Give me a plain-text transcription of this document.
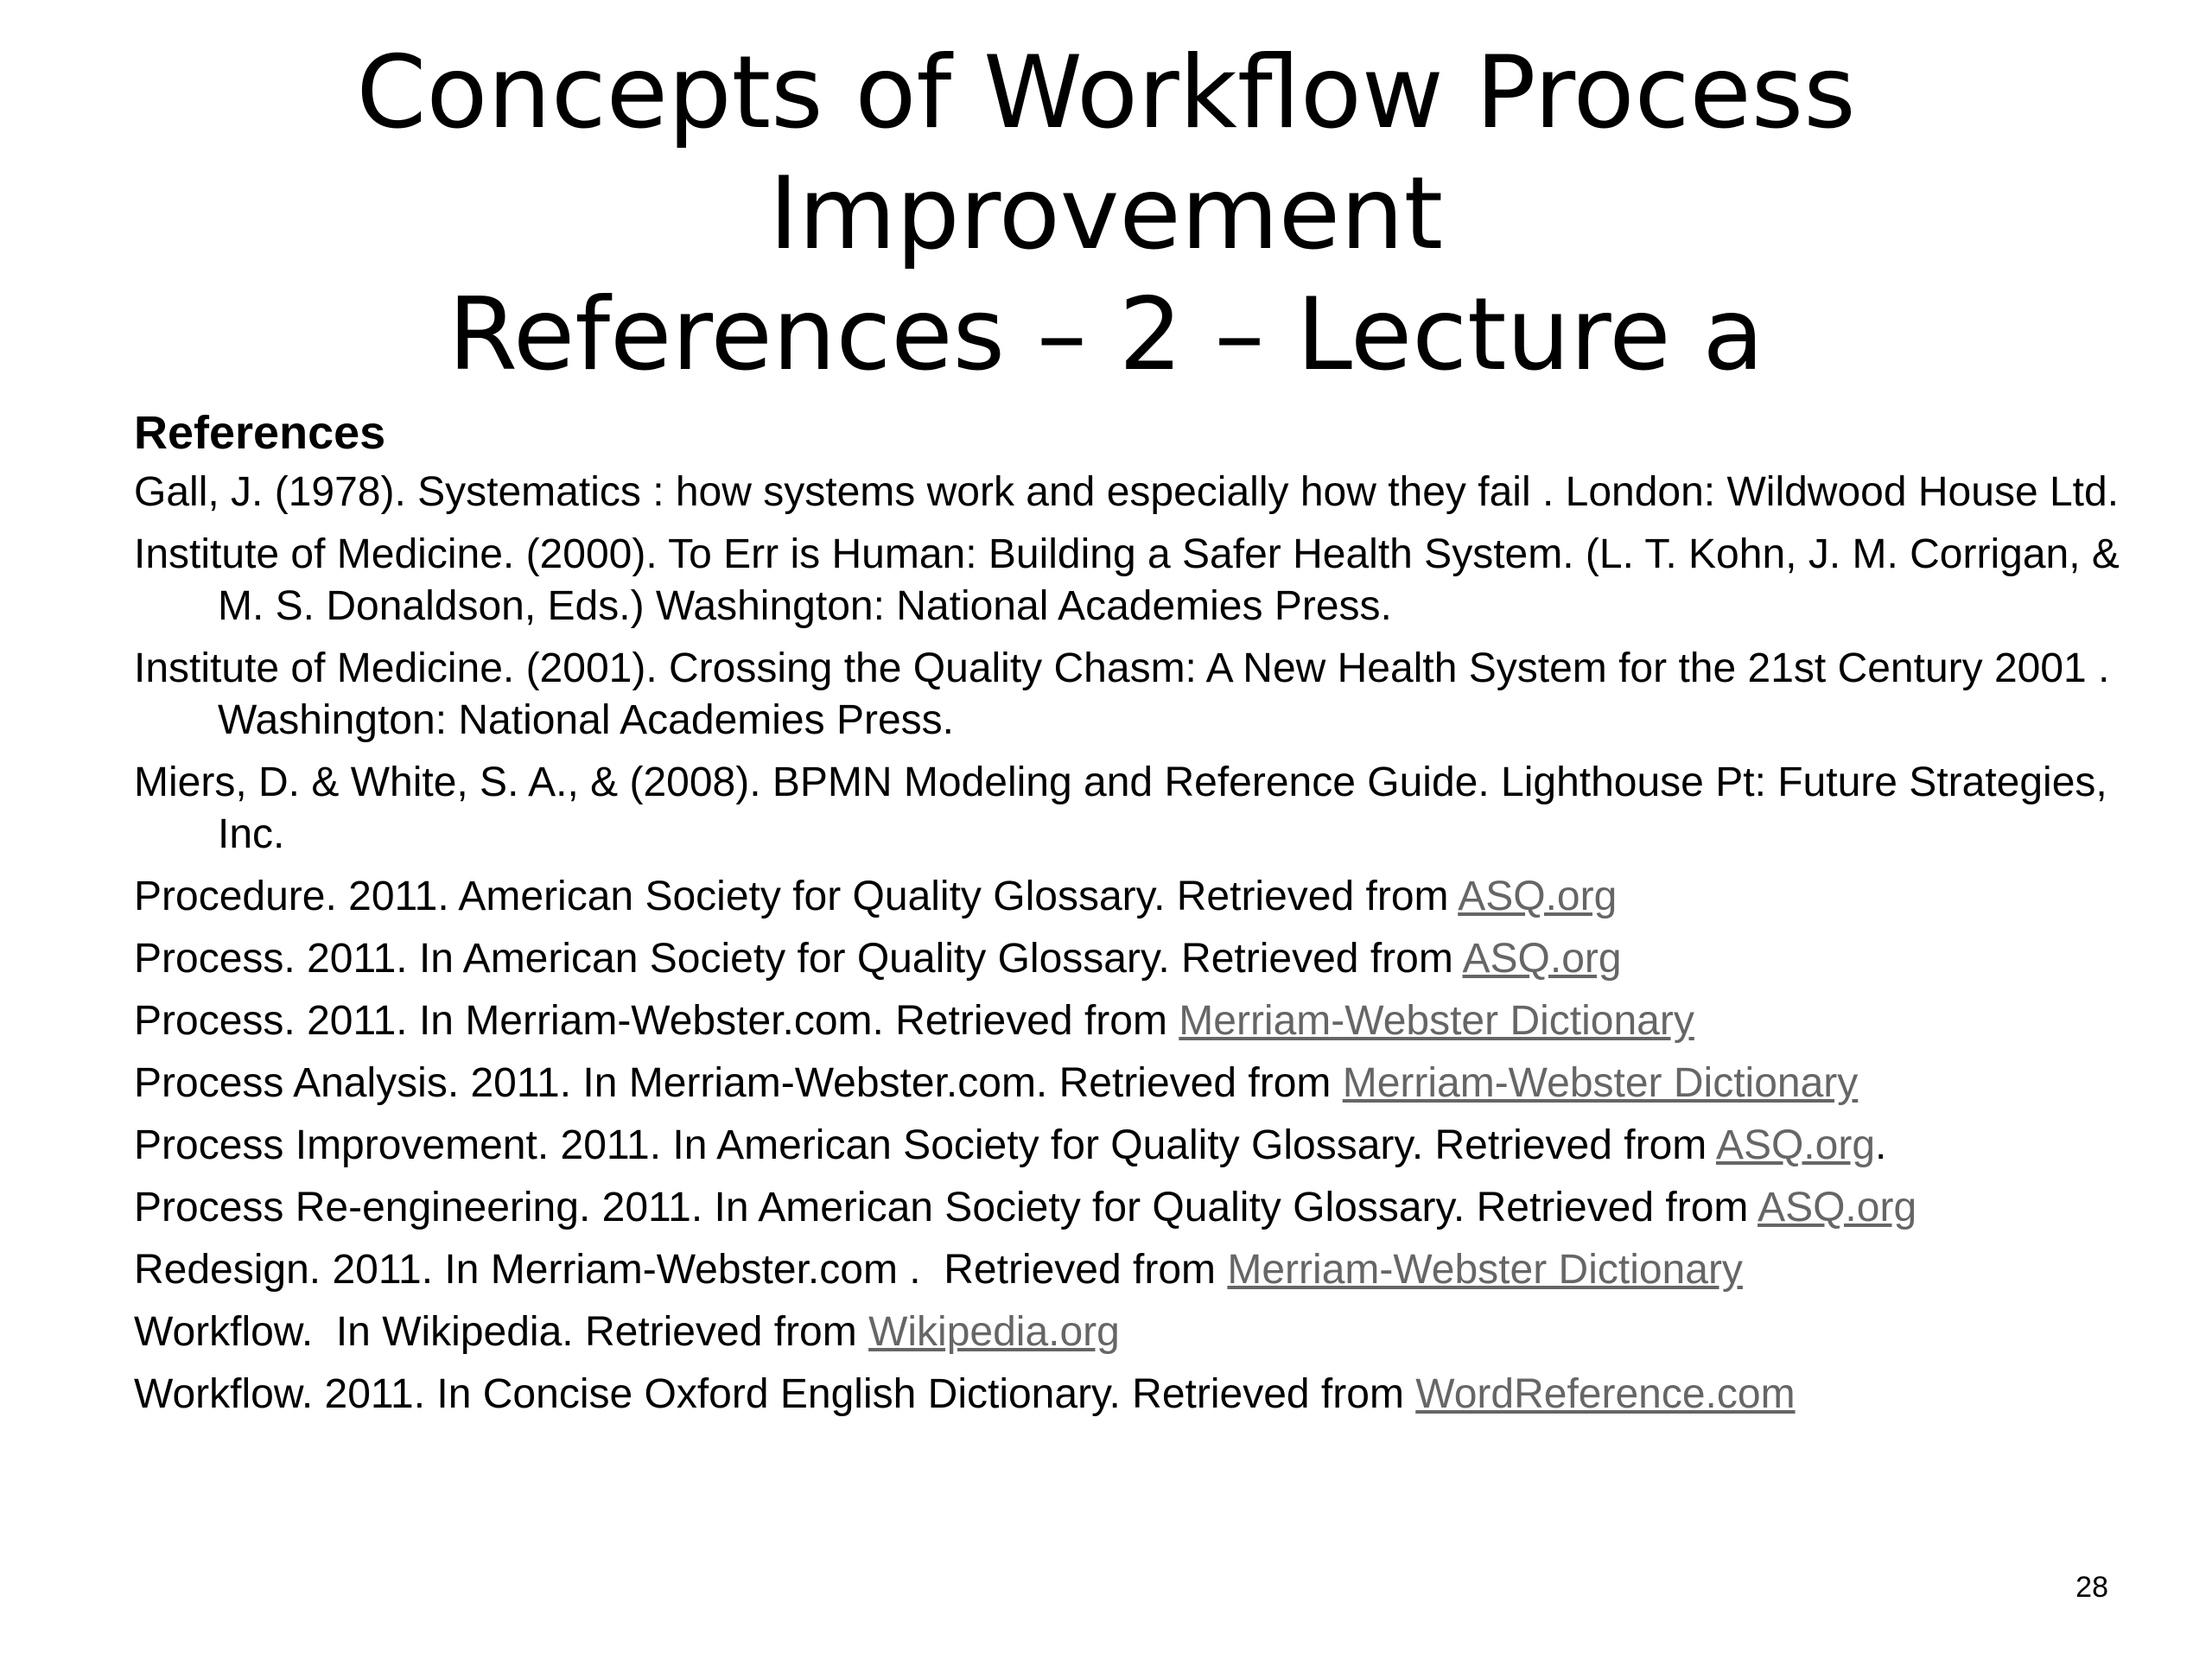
Concepts of Workflow Process
Improvement
References – 2 – Lecture a
References
Gall, J. (1978). Systematics : how systems work and especially how they fail . London: Wildwood House Ltd.
Institute of Medicine. (2000). To Err is Human: Building a Safer Health System. (L. T. Kohn, J. M. Corrigan, & M. S. Donaldson, Eds.) Washington: National Academies Press.
Institute of Medicine. (2001). Crossing the Quality Chasm: A New Health System for the 21st Century 2001 . Washington: National Academies Press.
Miers, D. & White, S. A., & (2008). BPMN Modeling and Reference Guide. Lighthouse Pt: Future Strategies, Inc.
Procedure. 2011. American Society for Quality Glossary. Retrieved from ASQ.org
Process. 2011. In American Society for Quality Glossary. Retrieved from ASQ.org
Process. 2011. In Merriam-Webster.com. Retrieved from Merriam-Webster Dictionary
Process Analysis. 2011. In Merriam-Webster.com. Retrieved from Merriam-Webster Dictionary
Process Improvement. 2011. In American Society for Quality Glossary. Retrieved from ASQ.org.
Process Re-engineering. 2011. In American Society for Quality Glossary. Retrieved from ASQ.org
Redesign. 2011. In Merriam-Webster.com .  Retrieved from Merriam-Webster Dictionary
Workflow.  In Wikipedia. Retrieved from Wikipedia.org
Workflow. 2011. In Concise Oxford English Dictionary. Retrieved from WordReference.com
28
